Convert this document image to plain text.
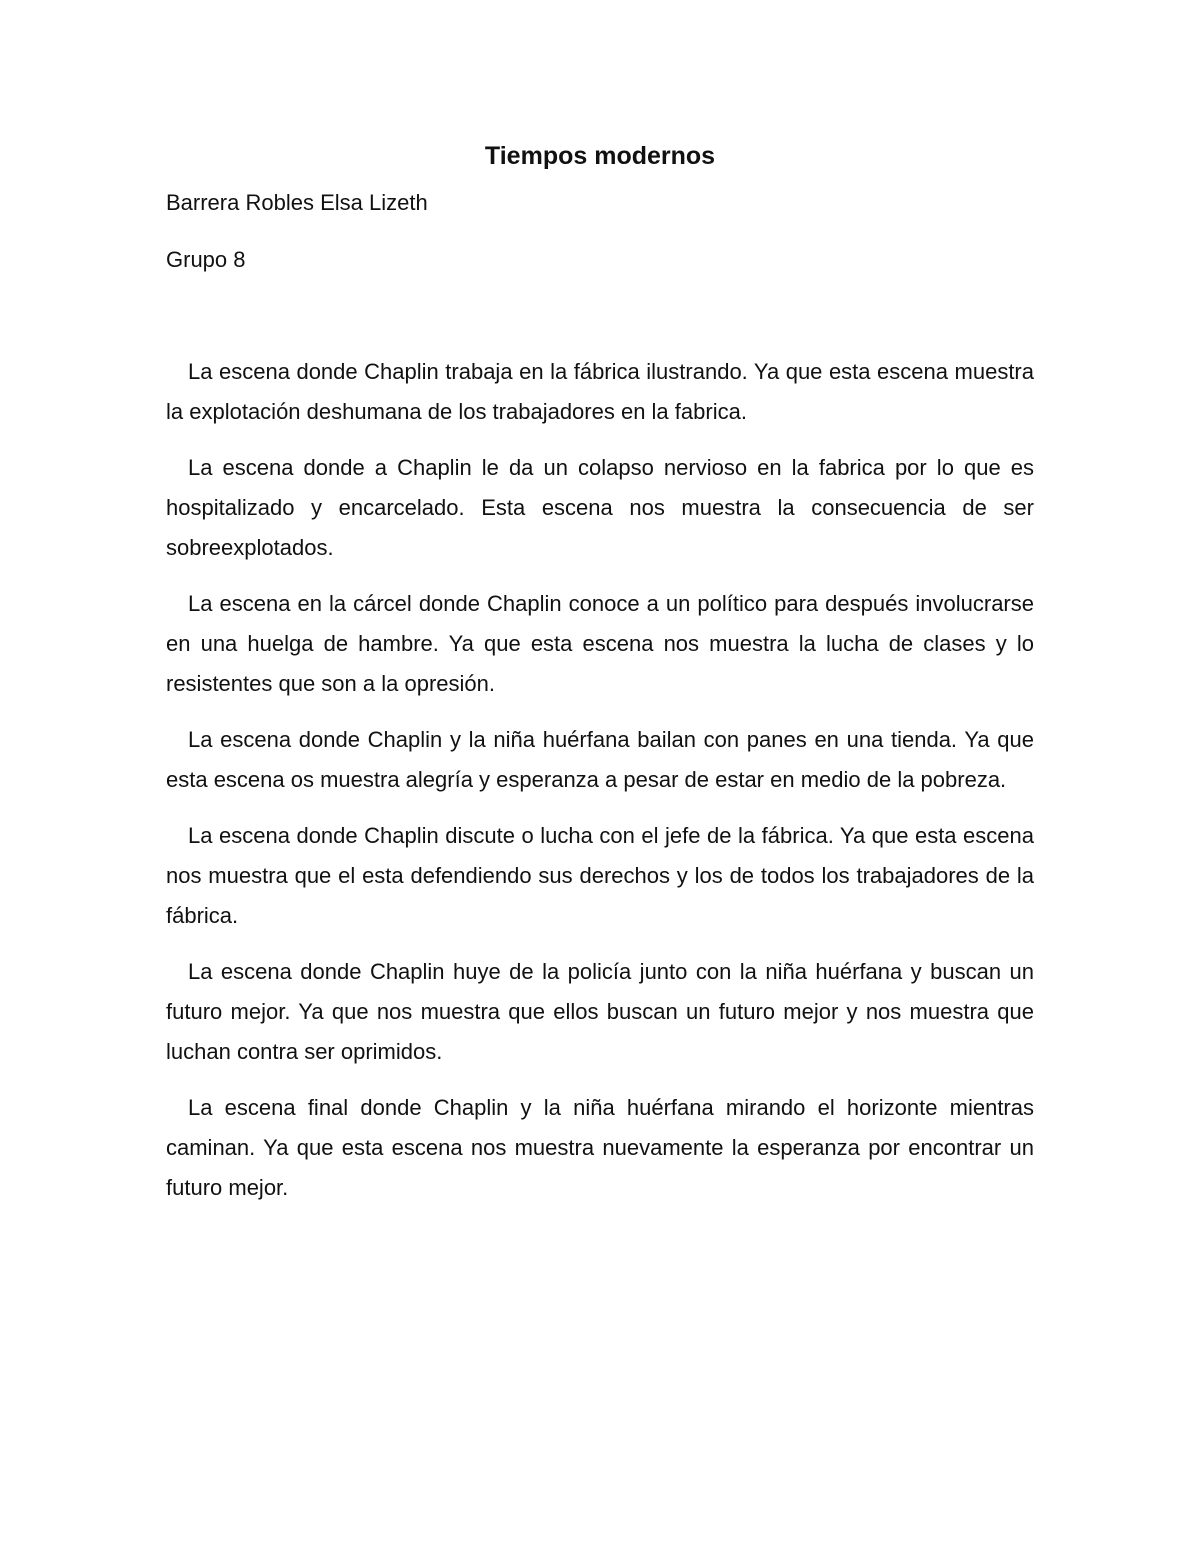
Tiempos modernos

Barrera Robles Elsa Lizeth

Grupo 8

La escena donde Chaplin trabaja en la fábrica ilustrando. Ya que esta escena muestra la explotación deshumana de los trabajadores en la fabrica.

La escena donde a Chaplin le da un colapso nervioso en la fabrica por lo que es hospitalizado y encarcelado. Esta escena nos muestra la consecuencia de ser sobreexplotados.

La escena en la cárcel donde Chaplin conoce a un político para después involucrarse en una huelga de hambre. Ya que esta escena nos muestra la lucha de clases y lo resistentes que son a la opresión.

La escena donde Chaplin y la niña huérfana bailan con panes en una tienda. Ya que esta escena os muestra alegría y esperanza a pesar de estar en medio de la pobreza.

La escena donde Chaplin discute o lucha con el jefe de la fábrica. Ya que esta escena nos muestra que el esta defendiendo sus derechos y los de todos los trabajadores de la fábrica.

La escena donde Chaplin huye de la policía junto con la niña huérfana y buscan un futuro mejor. Ya que nos muestra que ellos buscan un futuro mejor y nos muestra que luchan contra ser oprimidos.

La escena final donde Chaplin y la niña huérfana mirando el horizonte mientras caminan. Ya que esta escena nos muestra nuevamente la esperanza por encontrar un futuro mejor.
